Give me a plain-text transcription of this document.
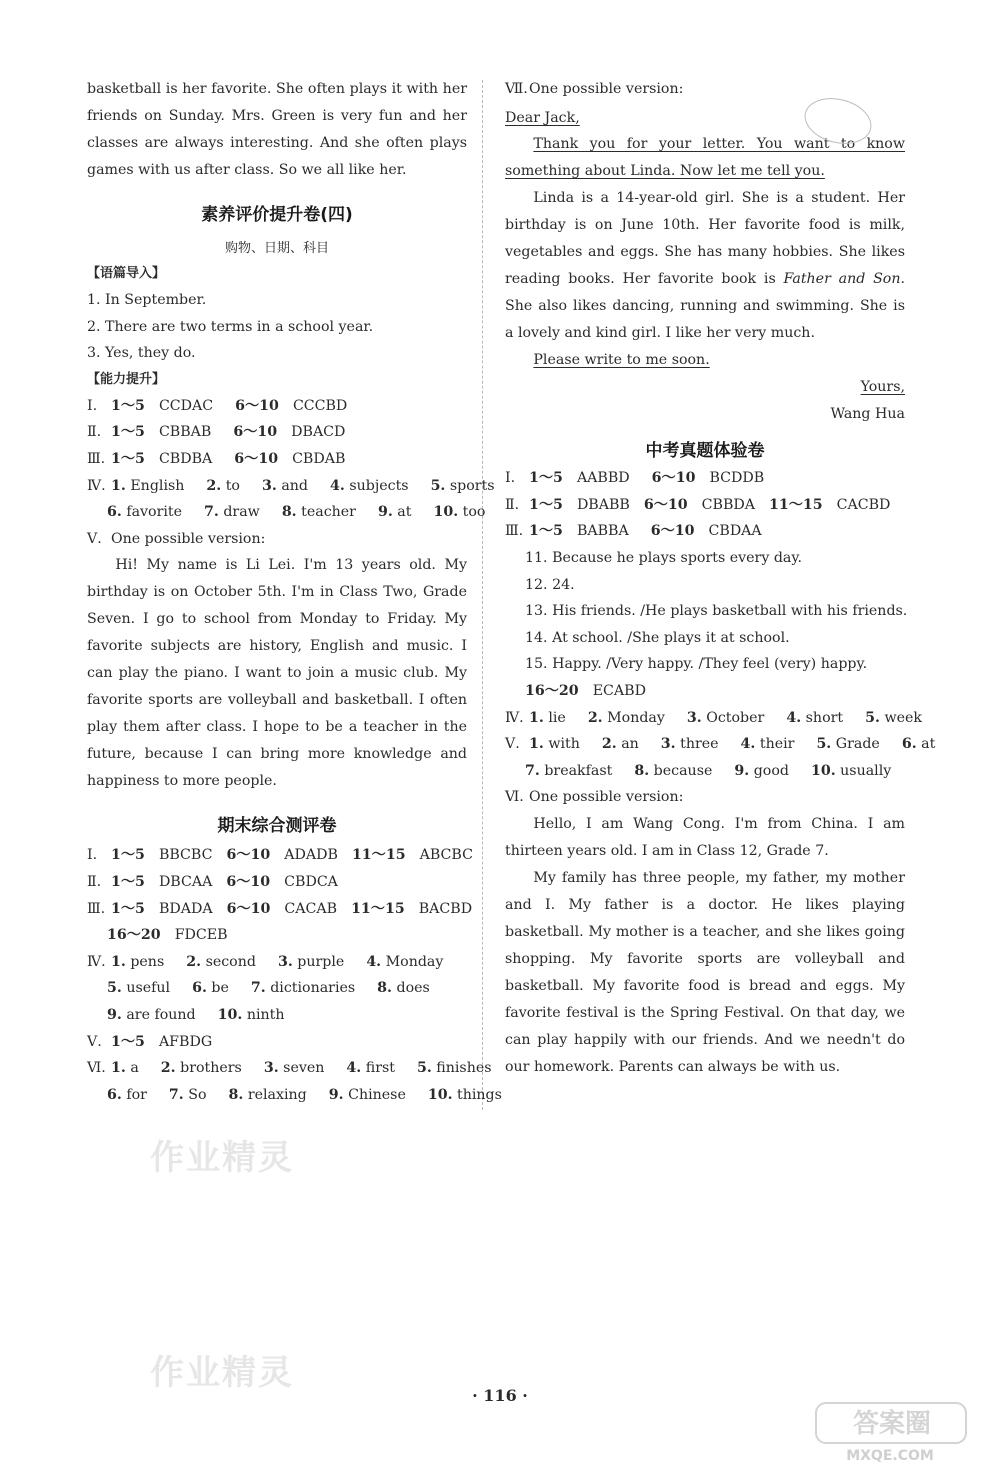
basketball is her favorite. She often plays it with her friends on Sunday. Mrs. Green is very fun and her classes are always interesting. And she often plays games with us after class. So we all like her.

素养评价提升卷(四)

购物、日期、科目

【语篇导入】

1. In September.

2. There are two terms in a school year.

3. Yes, they do.

【能力提升】

Ⅰ. 1～5 CCDAC 6～10 CCCBD

Ⅱ. 1～5 CBBAB 6～10 DBACD

Ⅲ. 1～5 CBDBA 6～10 CBDAB

Ⅳ. 1. English 2. to 3. and 4. subjects 5. sports

6. favorite 7. draw 8. teacher 9. at 10. too

Ⅴ. One possible version:

Hi! My name is Li Lei. I'm 13 years old. My birthday is on October 5th. I'm in Class Two, Grade Seven. I go to school from Monday to Friday. My favorite subjects are history, English and music. I can play the piano. I want to join a music club. My favorite sports are volleyball and basketball. I often play them after class. I hope to be a teacher in the future, because I can bring more knowledge and happiness to more people.

期末综合测评卷

Ⅰ. 1～5 BBCBC 6～10 ADADB 11～15 ABCBC

Ⅱ. 1～5 DBCAA 6～10 CBDCA

Ⅲ. 1～5 BDADA 6～10 CACAB 11～15 BACBD

16～20 FDCEB

Ⅳ. 1. pens 2. second 3. purple 4. Monday

5. useful 6. be 7. dictionaries 8. does

9. are found 10. ninth

Ⅴ. 1～5 AFBDG

Ⅵ. 1. a 2. brothers 3. seven 4. first 5. finishes

6. for 7. So 8. relaxing 9. Chinese 10. things

Ⅶ.One possible version:

Dear Jack,

Thank you for your letter. You want to know something about Linda. Now let me tell you.

Linda is a 14-year-old girl. She is a student. Her birthday is on June 10th. Her favorite food is milk, vegetables and eggs. She has many hobbies. She likes reading books. Her favorite book is Father and Son. She also likes dancing, running and swimming. She is a lovely and kind girl. I like her very much.

Please write to me soon.

Yours,

Wang Hua

中考真题体验卷

Ⅰ. 1～5 AABBD 6～10 BCDDB

Ⅱ. 1～5 DBABB 6～10 CBBDA 11～15 CACBD

Ⅲ. 1～5 BABBA 6～10 CBDAA

11. Because he plays sports every day.

12. 24.

13. His friends. /He plays basketball with his friends.

14. At school. /She plays it at school.

15. Happy. /Very happy. /They feel (very) happy.

16～20 ECABD

Ⅳ. 1. lie 2. Monday 3. October 4. short 5. week

Ⅴ. 1. with 2. an 3. three 4. their 5. Grade 6. at

7. breakfast 8. because 9. good 10. usually

Ⅵ. One possible version:

Hello, I am Wang Cong. I'm from China. I am thirteen years old. I am in Class 12, Grade 7.

My family has three people, my father, my mother and I. My father is a doctor. He likes playing basketball. My mother is a teacher, and she likes going shopping. My favorite sports are volleyball and basketball. My favorite food is bread and eggs. My favorite festival is the Spring Festival. On that day, we can play happily with our friends. And we needn't do our homework. Parents can always be with us.

作业精灵
作业精灵
· 116 ·
答案圈
MXQE.COM
